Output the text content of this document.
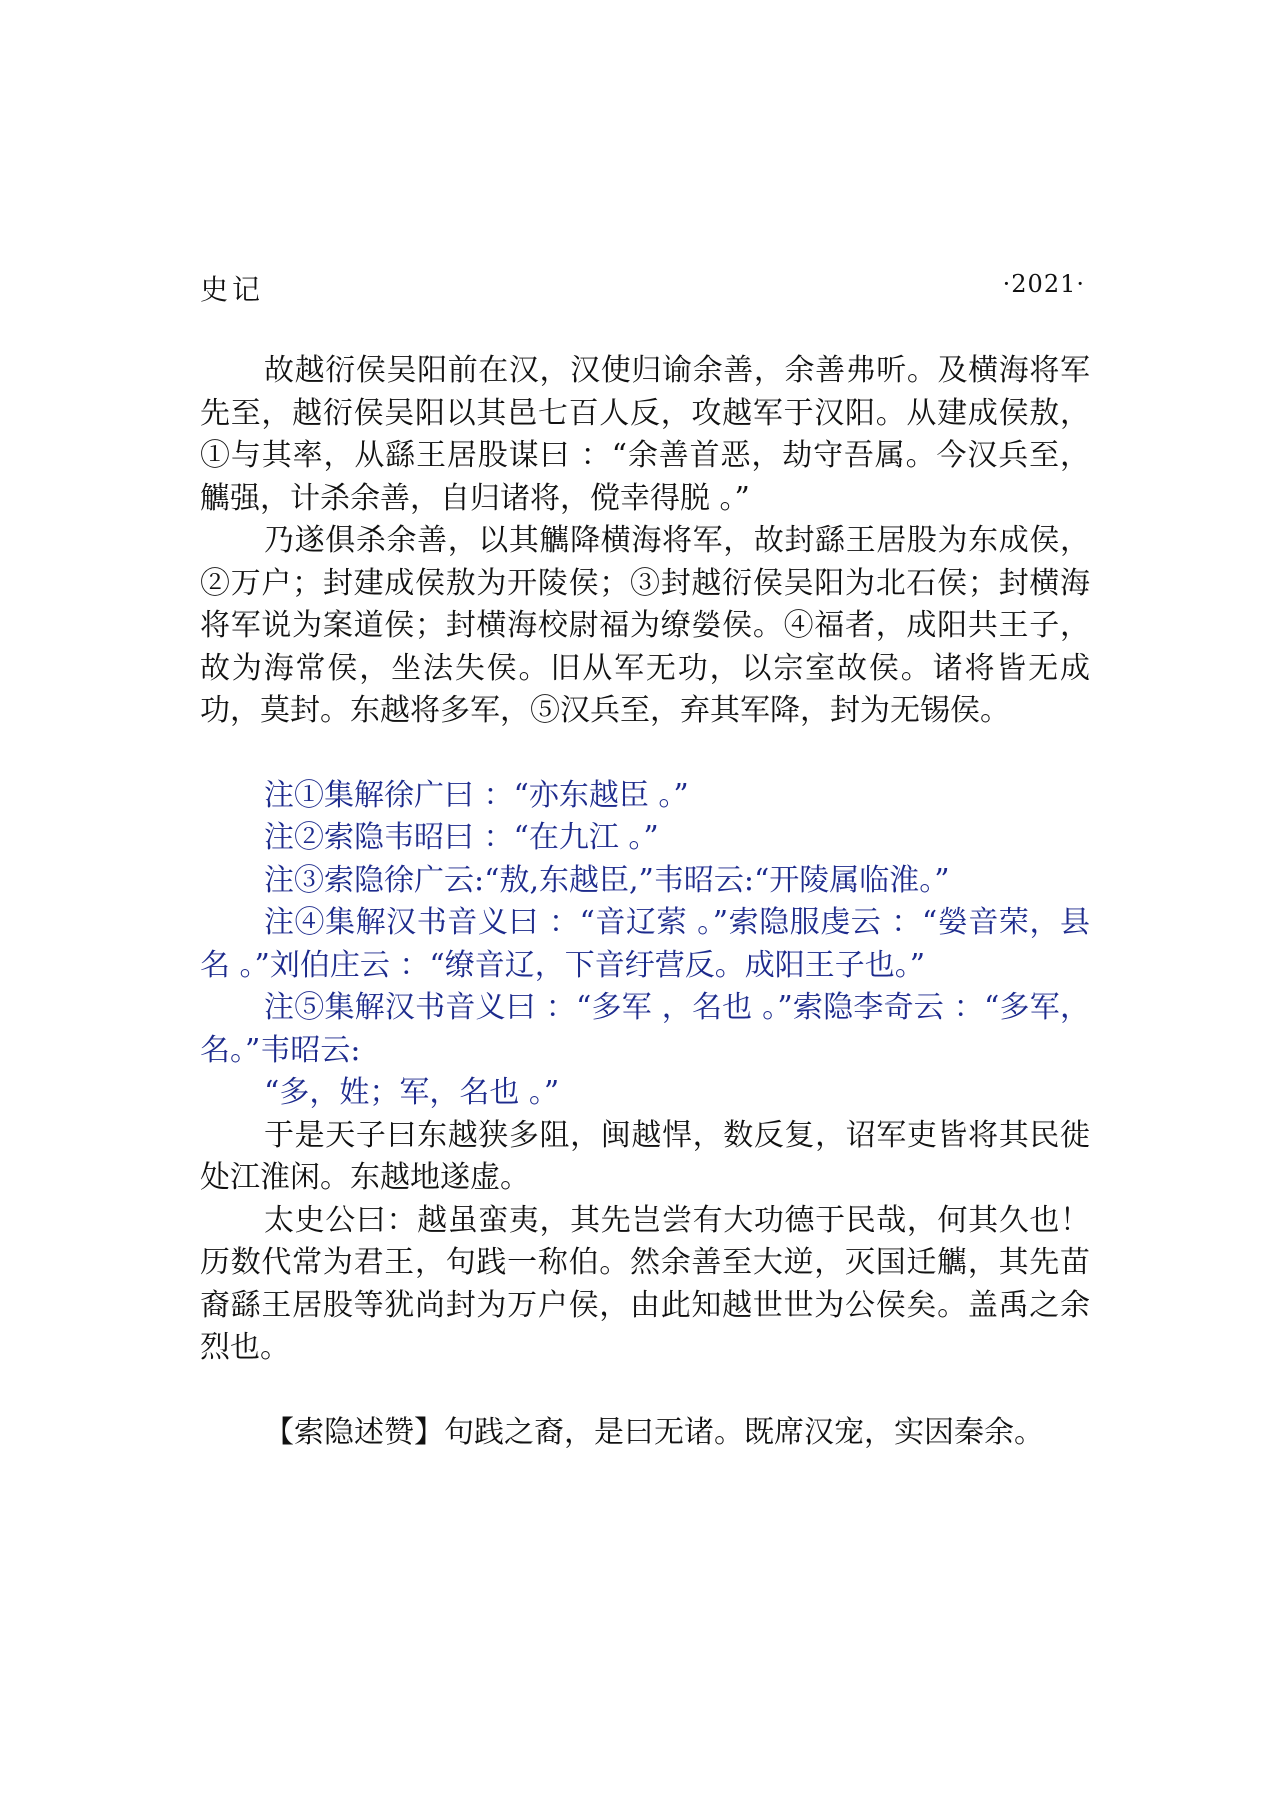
史记	·2021·

故越衍侯吴阳前在汉，汉使归谕余善，余善弗听。及横海将军先至，越衍侯吴阳以其邑七百人反，攻越军于汉阳。从建成侯敖，①与其率，从繇王居股谋曰 ：“余善首恶，劫守吾属。今汉兵至，觽强，计杀余善，自归诸将，傥幸得脱 。”

乃遂俱杀余善，以其觽降横海将军，故封繇王居股为东成侯，②万户；封建成侯敖为开陵侯；③封越衍侯吴阳为北石侯；封横海将军说为案道侯；封横海校尉福为缭嫈侯。④福者，成阳共王子，故为海常侯，坐法失侯。旧从军无功，以宗室故侯。诸将皆无成功，莫封。东越将多军，⑤汉兵至，弃其军降，封为无锡侯。

注①集解徐广曰 ：“亦东越臣 。”

注②索隐韦昭曰 ：“在九江 。”

注③索隐徐广云:“敖,东越臣,”韦昭云:“开陵属临淮。”

注④集解汉书音义曰 ：“音辽萦 。”索隐服虔云 ：“嫈音荣，县名 。”刘伯庄云 ：“缭音辽，下音纡营反。成阳王子也。”

注⑤集解汉书音义曰 ：“多军 ，名也 。”索隐李奇云 ：“多军，名。”韦昭云:

“多，姓；军，名也 。”

于是天子曰东越狭多阻，闽越悍，数反复，诏军吏皆将其民徙处江淮闲。东越地遂虚。

太史公曰：越虽蛮夷，其先岂尝有大功德于民哉，何其久也！历数代常为君王，句践一称伯。然余善至大逆，灭国迁觽，其先苗裔繇王居股等犹尚封为万户侯，由此知越世世为公侯矣。盖禹之余烈也。

【索隐述赞】句践之裔，是曰无诸。既席汉宠，实因秦余。
